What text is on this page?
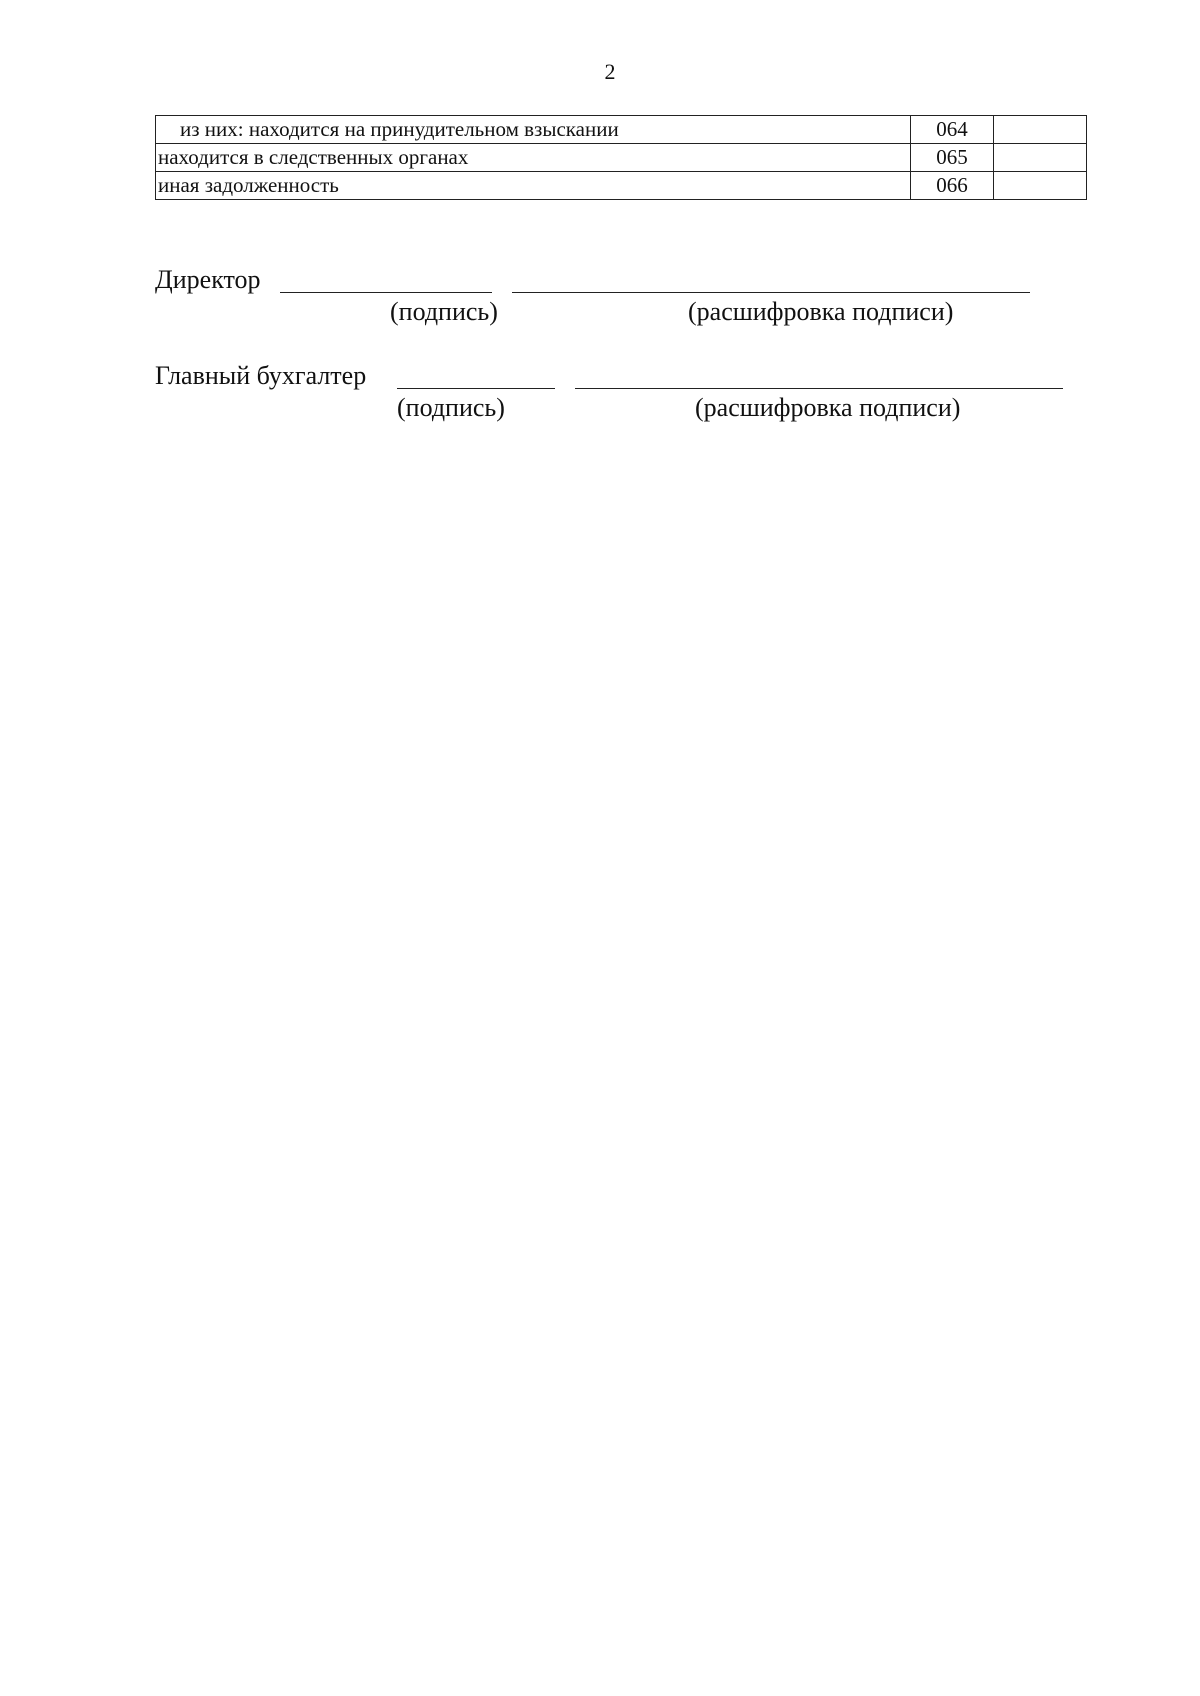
2
из них: находится на принудительном взыскании	064	
находится в следственных органах	065	
иная задолженность	066	
Директор
(подпись)	(расшифровка подписи)
Главный бухгалтер
(подпись)	(расшифровка подписи)
